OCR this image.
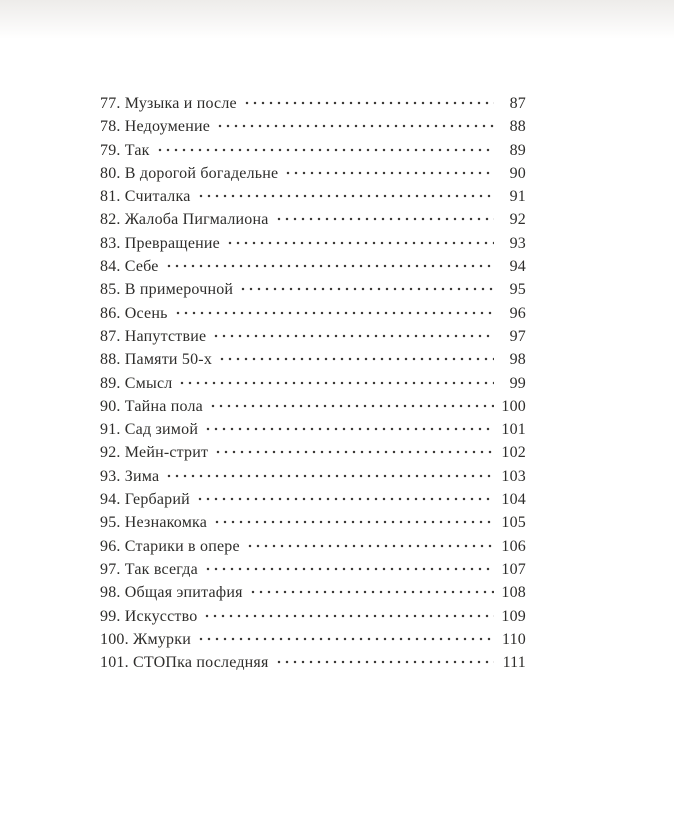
77. Музыка и после	87
78. Недоумение	88
79. Так	89
80. В дорогой богадельне	90
81. Считалка	91
82. Жалоба Пигмалиона	92
83. Превращение	93
84. Себе	94
85. В примерочной	95
86. Осень	96
87. Напутствие	97
88. Памяти 50-х	98
89. Смысл	99
90. Тайна пола	100
91. Сад зимой	101
92. Мейн-стрит	102
93. Зима	103
94. Гербарий	104
95. Незнакомка	105
96. Старики в опере	106
97. Так всегда	107
98. Общая эпитафия	108
99. Искусство	109
100. Жмурки	110
101. СТОПка последняя	111
